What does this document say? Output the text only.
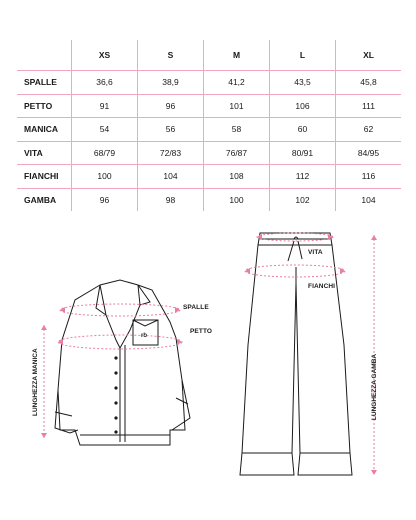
	XS	S	M	L	XL
SPALLE	36,6	38,9	41,2	43,5	45,8
PETTO	91	96	101	106	111
MANICA	54	56	58	60	62
VITA	68/79	72/83	76/87	80/91	84/95
FIANCHI	100	104	108	112	116
GAMBA	96	98	100	102	104
rb
SPALLE
PETTO
LUNGHEZZA MANICA
VITA
FIANCHI
LUNGHEZZA GAMBA
